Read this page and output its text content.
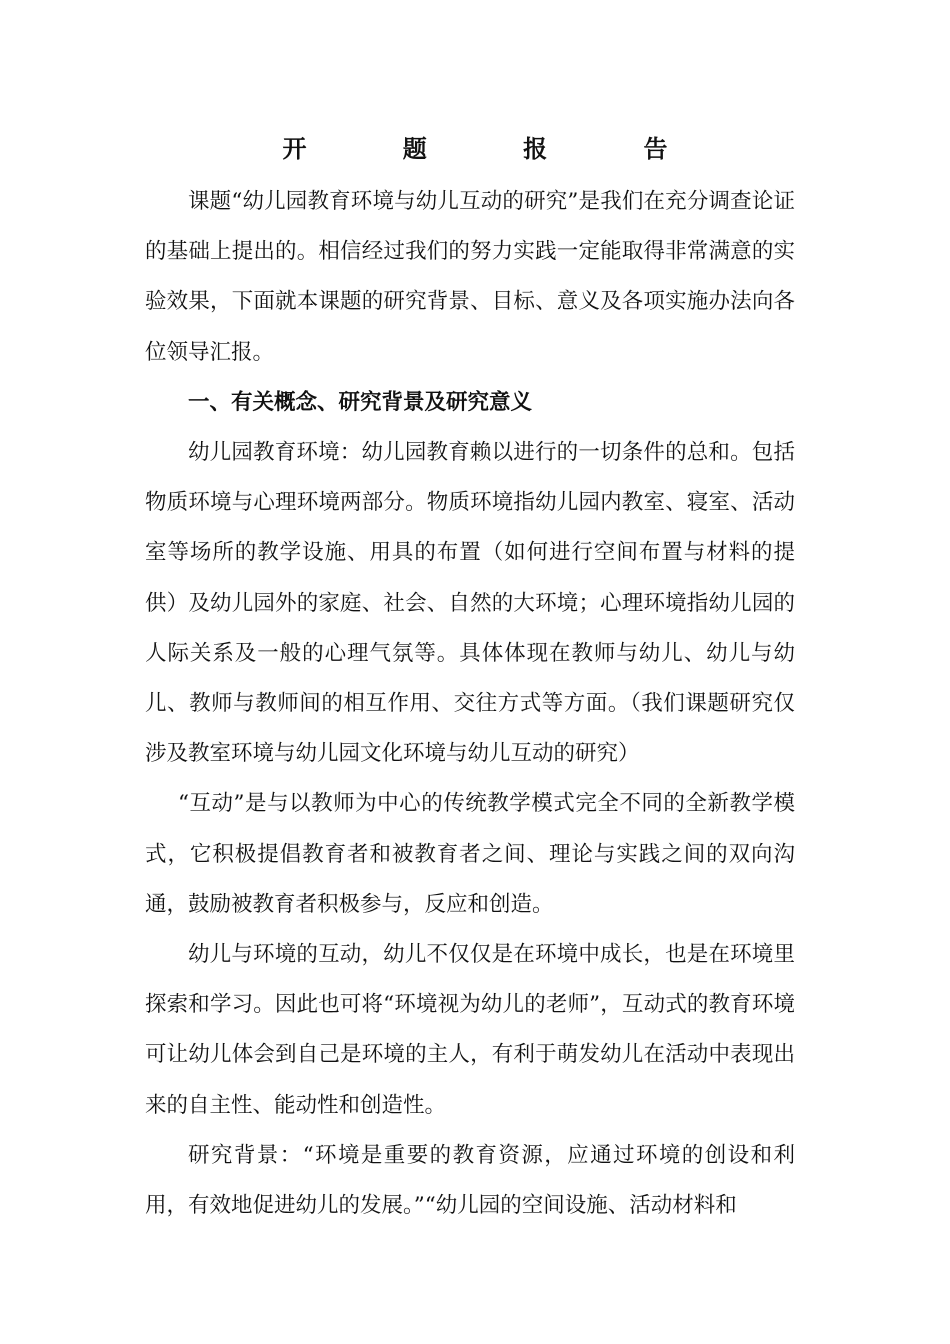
开 题 报 告

课题“幼儿园教育环境与幼儿互动的研究”是我们在充分调查论证的基础上提出的。相信经过我们的努力实践一定能取得非常满意的实验效果，下面就本课题的研究背景、目标、意义及各项实施办法向各位领导汇报。

一、有关概念、研究背景及研究意义

幼儿园教育环境：幼儿园教育赖以进行的一切条件的总和。包括物质环境与心理环境两部分。物质环境指幼儿园内教室、寝室、活动室等场所的教学设施、用具的布置（如何进行空间布置与材料的提供）及幼儿园外的家庭、社会、自然的大环境；心理环境指幼儿园的人际关系及一般的心理气氛等。具体体现在教师与幼儿、幼儿与幼儿、教师与教师间的相互作用、交往方式等方面。（我们课题研究仅涉及教室环境与幼儿园文化环境与幼儿互动的研究）

“互动”是与以教师为中心的传统教学模式完全不同的全新教学模式，它积极提倡教育者和被教育者之间、理论与实践之间的双向沟通，鼓励被教育者积极参与，反应和创造。

幼儿与环境的互动，幼儿不仅仅是在环境中成长，也是在环境里探索和学习。因此也可将“环境视为幼儿的老师”，互动式的教育环境可让幼儿体会到自己是环境的主人，有利于萌发幼儿在活动中表现出来的自主性、能动性和创造性。

研究背景：“环境是重要的教育资源，应通过环境的创设和利用，有效地促进幼儿的发展。”“幼儿园的空间设施、活动材料和
